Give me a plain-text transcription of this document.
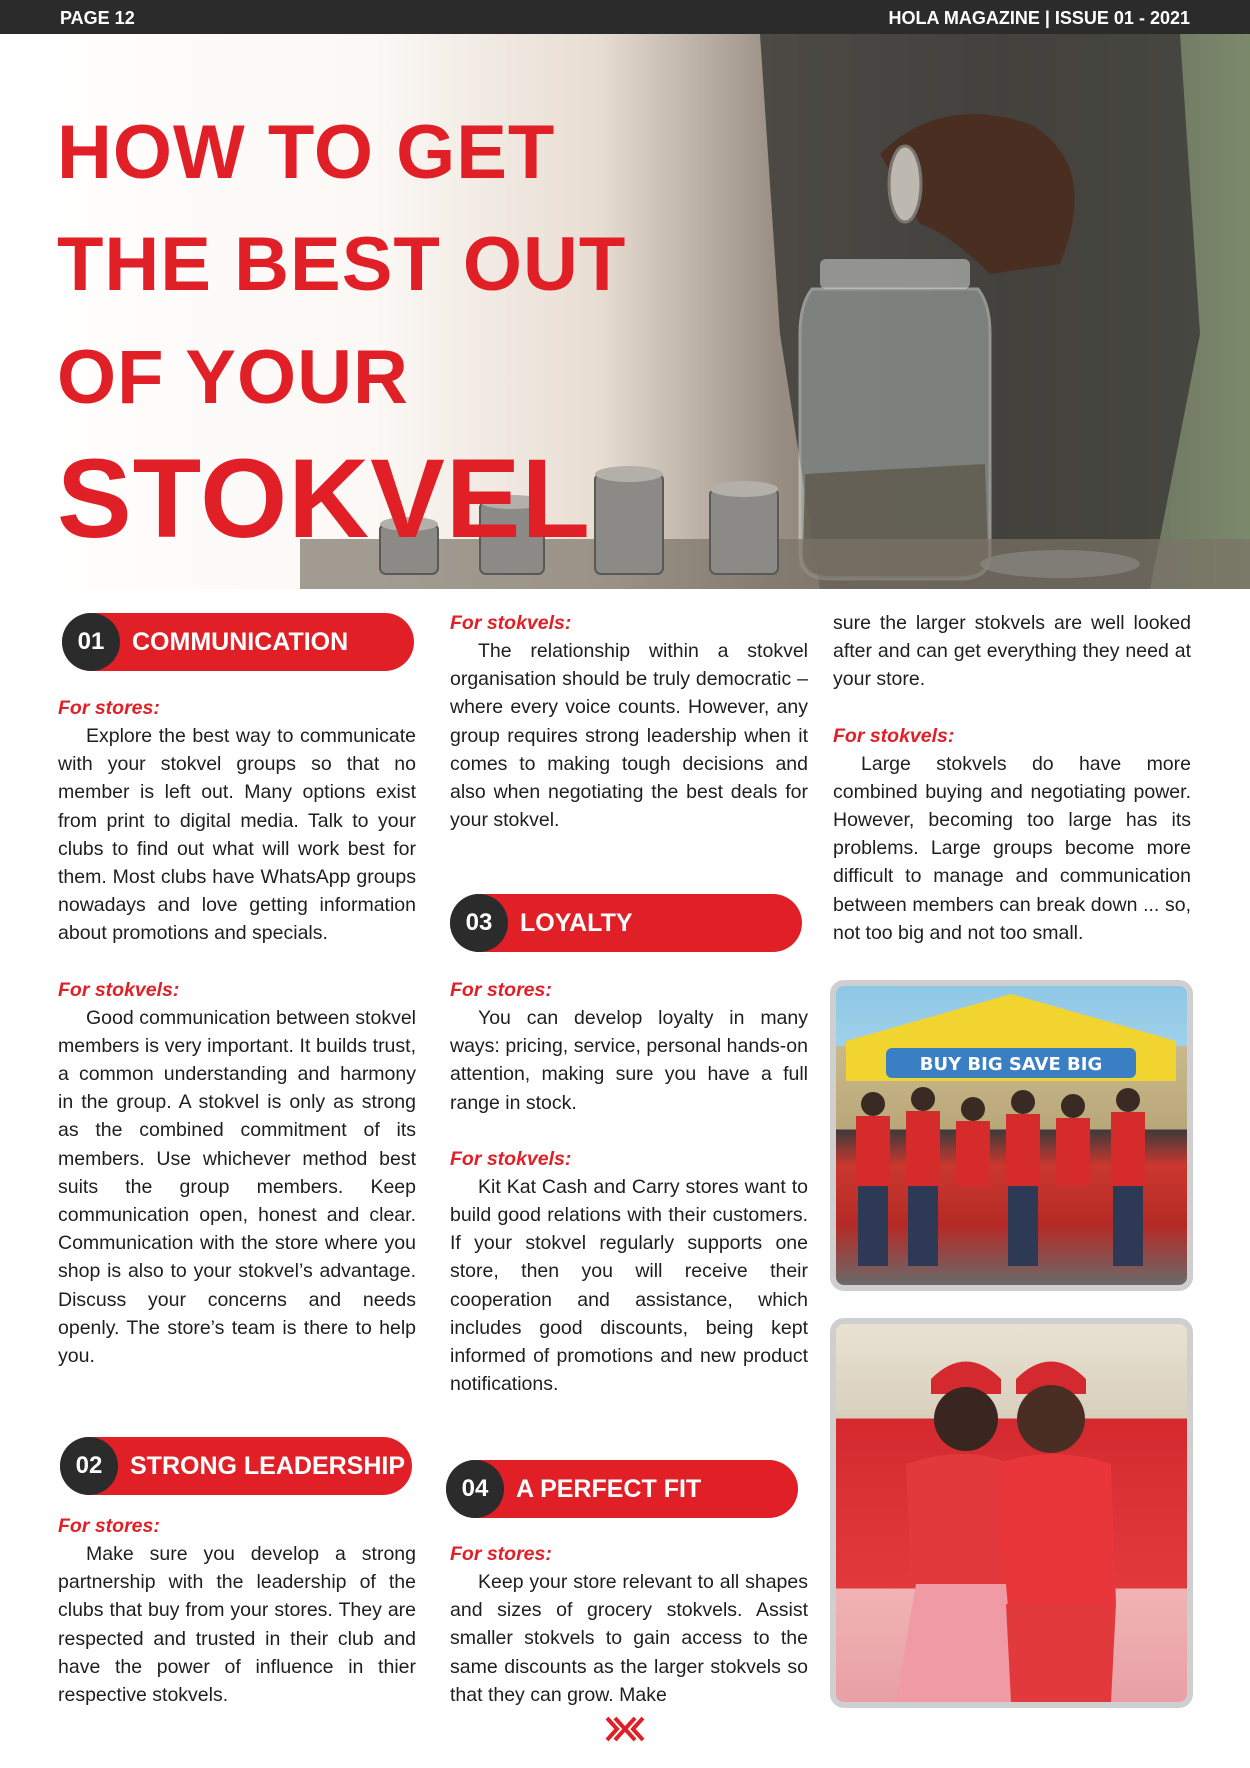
PAGE 12	HOLA MAGAZINE | ISSUE 01 - 2021
HOW TO GET
THE BEST OUT
OF YOUR
STOKVEL
01	COMMUNICATION
For stores:

Explore the best way to communicate with your stokvel groups so that no member is left out. Many options exist from print to digital media. Talk to your clubs to find out what will work best for them. Most clubs have WhatsApp groups nowadays and love getting information about promotions and specials.

For stokvels:

Good communication between stokvel members is very important. It builds trust, a common understanding and harmony in the group. A stokvel is only as strong as the combined commitment of its members. Use whichever method best suits the group members. Keep communication open, honest and clear. Communication with the store where you shop is also to your stokvel’s advantage. Discuss your concerns and needs openly. The store’s team is there to help you.

02	STRONG LEADERSHIP
For stores:

Make sure you develop a strong partnership with the leadership of the clubs that buy from your stores. They are respected and trusted in their club and have the power of influence in thier respective stokvels.

For stokvels:

The relationship within a stokvel organisation should be truly democratic – where every voice counts. However, any group requires strong leadership when it comes to making tough decisions and also when negotiating the best deals for your stokvel.

03	LOYALTY
For stores:

You can develop loyalty in many ways: pricing, service, personal hands-on attention, making sure you have a full range in stock.

For stokvels:

Kit Kat Cash and Carry stores want to build good relations with their customers. If your stokvel regularly supports one store, then you will receive their cooperation and assistance, which includes good discounts, being kept informed of promotions and new product notifications.

04	A PERFECT FIT
For stores:

Keep your store relevant to all shapes and sizes of grocery stokvels. Assist smaller stokvels to gain access to the same discounts as the larger stokvels so that they can grow. Make

sure the larger stokvels are well looked after and can get everything they need at your store.

For stokvels:

Large stokvels do have more combined buying and negotiating power. However, becoming too large has its problems. Large groups become more difficult to manage and communication between members can break down ... so, not too big and not too small.

BUY BIG SAVE BIG
